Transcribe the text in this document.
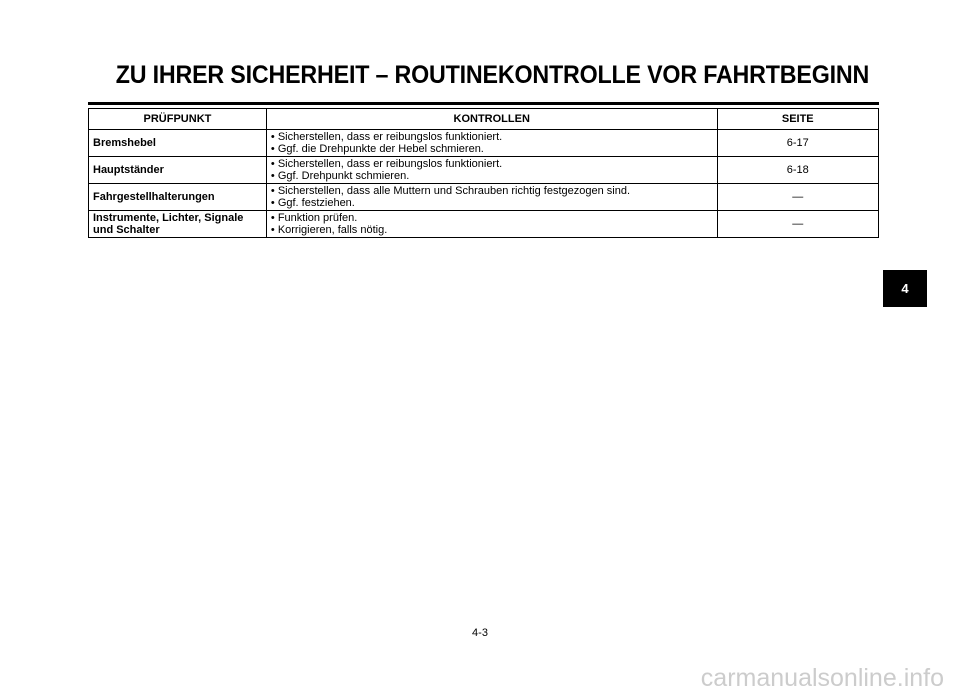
ZU IHRER SICHERHEIT – ROUTINEKONTROLLE VOR FAHRTBEGINN
PRÜFPUNKT	KONTROLLEN	SEITE

Bremshebel	• Sicherstellen, dass er reibungslos funktioniert.
• Ggf. die Drehpunkte der Hebel schmieren.	6-17

Hauptständer	• Sicherstellen, dass er reibungslos funktioniert.
• Ggf. Drehpunkt schmieren.	6-18

Fahrgestellhalterungen	• Sicherstellen, dass alle Muttern und Schrauben richtig festgezogen sind.
• Ggf. festziehen.	—

Instrumente, Lichter, Signale
und Schalter	• Funktion prüfen.
• Korrigieren, falls nötig.	—
4
4-3
carmanualsonline.info
